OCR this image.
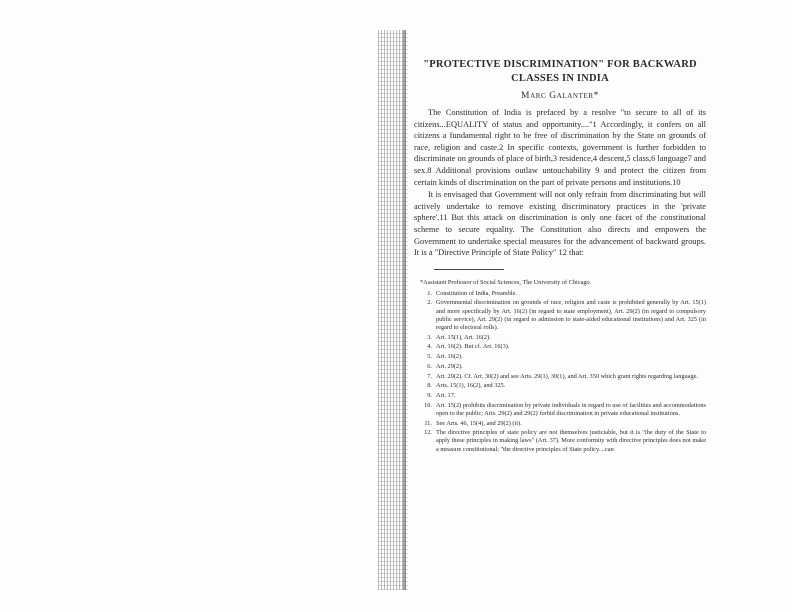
"PROTECTIVE DISCRIMINATION" FOR BACKWARD

CLASSES IN INDIA

Marc Galanter*

The Constitution of India is prefaced by a resolve "to secure to all of its citizens...EQUALITY of status and opportunity...."1 Accordingly, it confers on all citizens a fundamental right to be free of discrimination by the State on grounds of race, religion and caste.2 In specific contexts, government is further forbidden to discriminate on grounds of place of birth,3 residence,4 descent,5 class,6 language7 and sex.8 Additional provisions outlaw untouchability 9 and protect the citizen from certain kinds of discrimination on the part of private persons and institutions.10

It is envisaged that Government will not only refrain from discriminating but will actively undertake to remove existing discriminatory practices in the 'private sphere'.11 But this attack on discrimination is only one facet of the constitutional scheme to secure equality. The Constitution also directs and empowers the Government to undertake special measures for the advancement of backward groups. It is a "Directive Principle of State Policy" 12 that:

*Assistant Professor of Social Sciences, The University of Chicago.

1. Constitution of India, Preamble.
2. Governmental discrimination on grounds of race, religion and caste is prohibited generally by Art. 15(1) and more specifically by Art. 16(2) (in regard to state employment), Art. 29(2) (in regard to compulsory public service), Art. 29(2) (in regard to admission to state-aided educational institutions) and Art. 325 (in regard to electoral rolls).
3. Art. 15(1), Art. 16(2).
4. Art. 16(2). But cf. Art. 16(3).
5. Art. 16(2).
6. Art. 29(2).
7. Art. 29(2). Cf. Art. 30(2) and see Arts. 29(1), 30(1), and Art. 350 which grant rights regarding language.
8. Arts. 15(1), 16(2), and 325.
9. Art. 17.
10. Art. 15(2) prohibits discrimination by private individuals in regard to use of facilities and accommodations open to the public; Arts. 29(2) and 29(2) forbid discrimination in private educational institutions.
11. See Arts. 46, 15(4), and 29(2) (ii).
12. The directive principles of state policy are not themselves justiciable, but it is "the duty of the State to apply these principles in making laws" (Art. 37). More conformity with directive principles does not make a measure constitutional; "the directive principles of State policy....can
